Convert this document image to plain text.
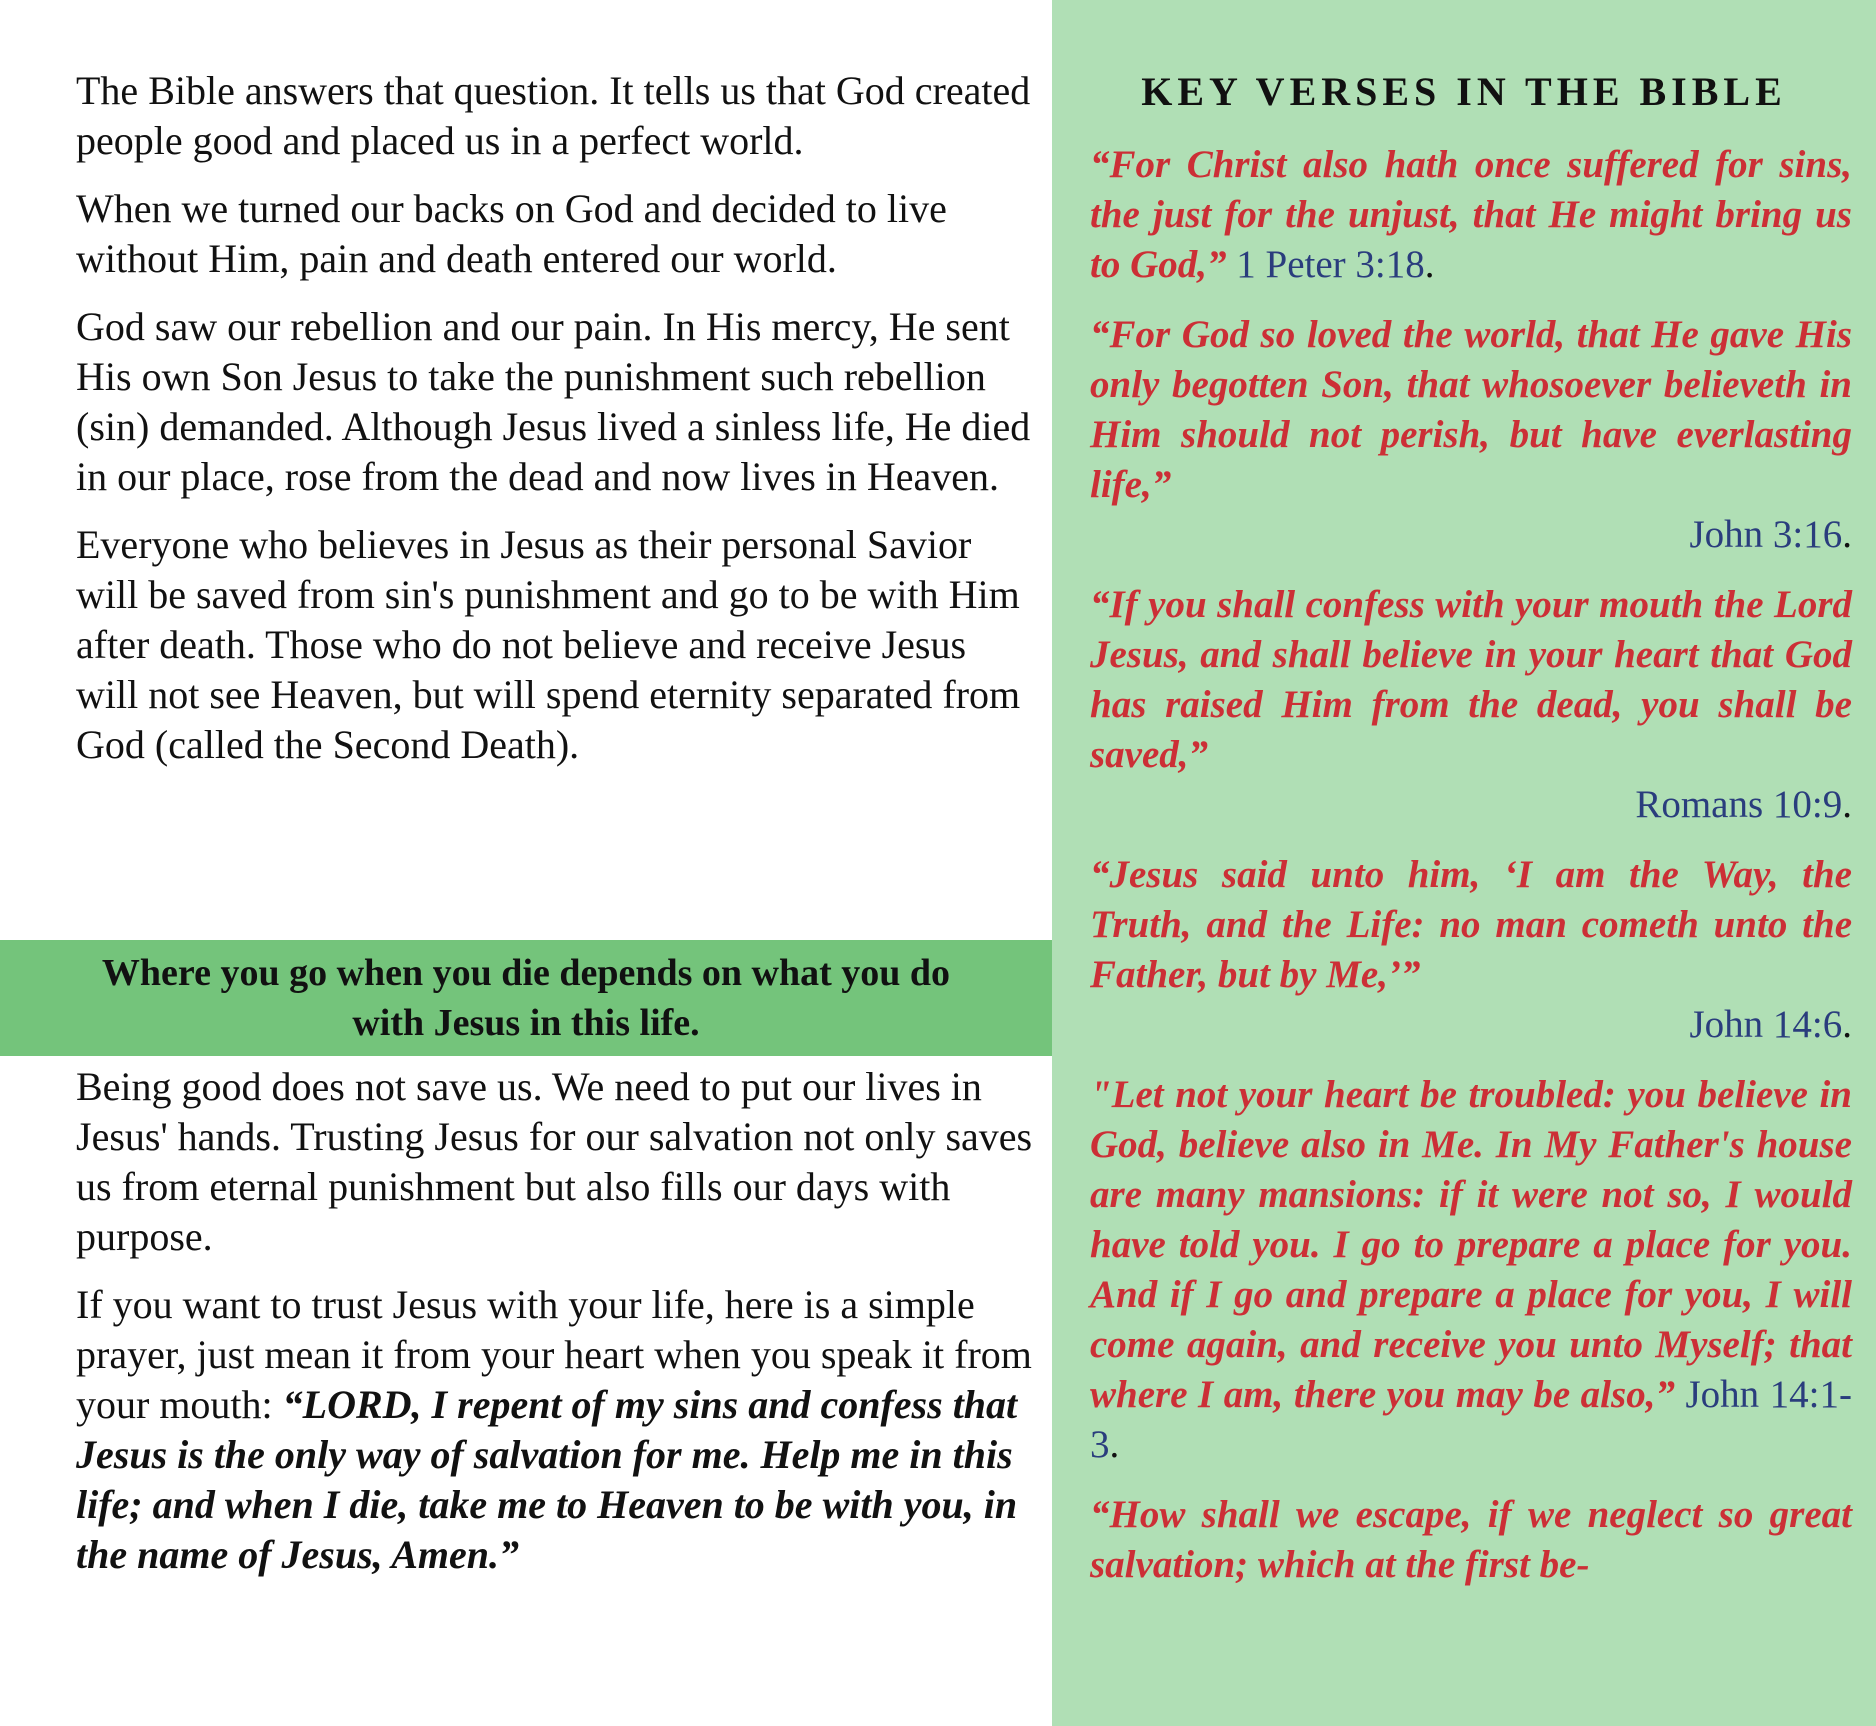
The Bible answers that question. It tells us that God created people good and placed us in a perfect world.

When we turned our backs on God and decided to live without Him, pain and death entered our world.

God saw our rebellion and our pain. In His mercy, He sent His own Son Jesus to take the punishment such rebellion (sin) demanded. Although Jesus lived a sinless life, He died in our place, rose from the dead and now lives in Heaven.

Everyone who believes in Jesus as their personal Savior will be saved from sin's punishment and go to be with Him after death. Those who do not believe and receive Jesus will not see Heaven, but will spend eternity separated from God (called the Second Death).

Where you go when you die depends on what you do with Jesus in this life.

Being good does not save us. We need to put our lives in Jesus' hands. Trusting Jesus for our salvation not only saves us from eternal punishment but also fills our days with purpose.

If you want to trust Jesus with your life, here is a simple prayer, just mean it from your heart when you speak it from your mouth: “LORD, I repent of my sins and confess that Jesus is the only way of salvation for me. Help me in this life; and when I die, take me to Heaven to be with you, in the name of Jesus, Amen.”

KEY VERSES IN THE BIBLE

“For Christ also hath once suffered for sins, the just for the unjust, that He might bring us to God,” 1 Peter 3:18.

“For God so loved the world, that He gave His only begotten Son, that whosoever believeth in Him should not perish, but have everlasting life,”
John 3:16.

“If you shall confess with your mouth the Lord Jesus, and shall believe in your heart that God has raised Him from the dead, you shall be saved,”
Romans 10:9.

“Jesus said unto him, ‘I am the Way, the Truth, and the Life: no man cometh unto the Father, but by Me,’”
John 14:6.

"Let not your heart be troubled: you believe in God, believe also in Me. In My Father's house are many mansions: if it were not so, I would have told you. I go to prepare a place for you. And if I go and prepare a place for you, I will come again, and receive you unto Myself; that where I am, there you may be also,” John 14:1-3.

“How shall we escape, if we neglect so great salvation; which at the first be-
